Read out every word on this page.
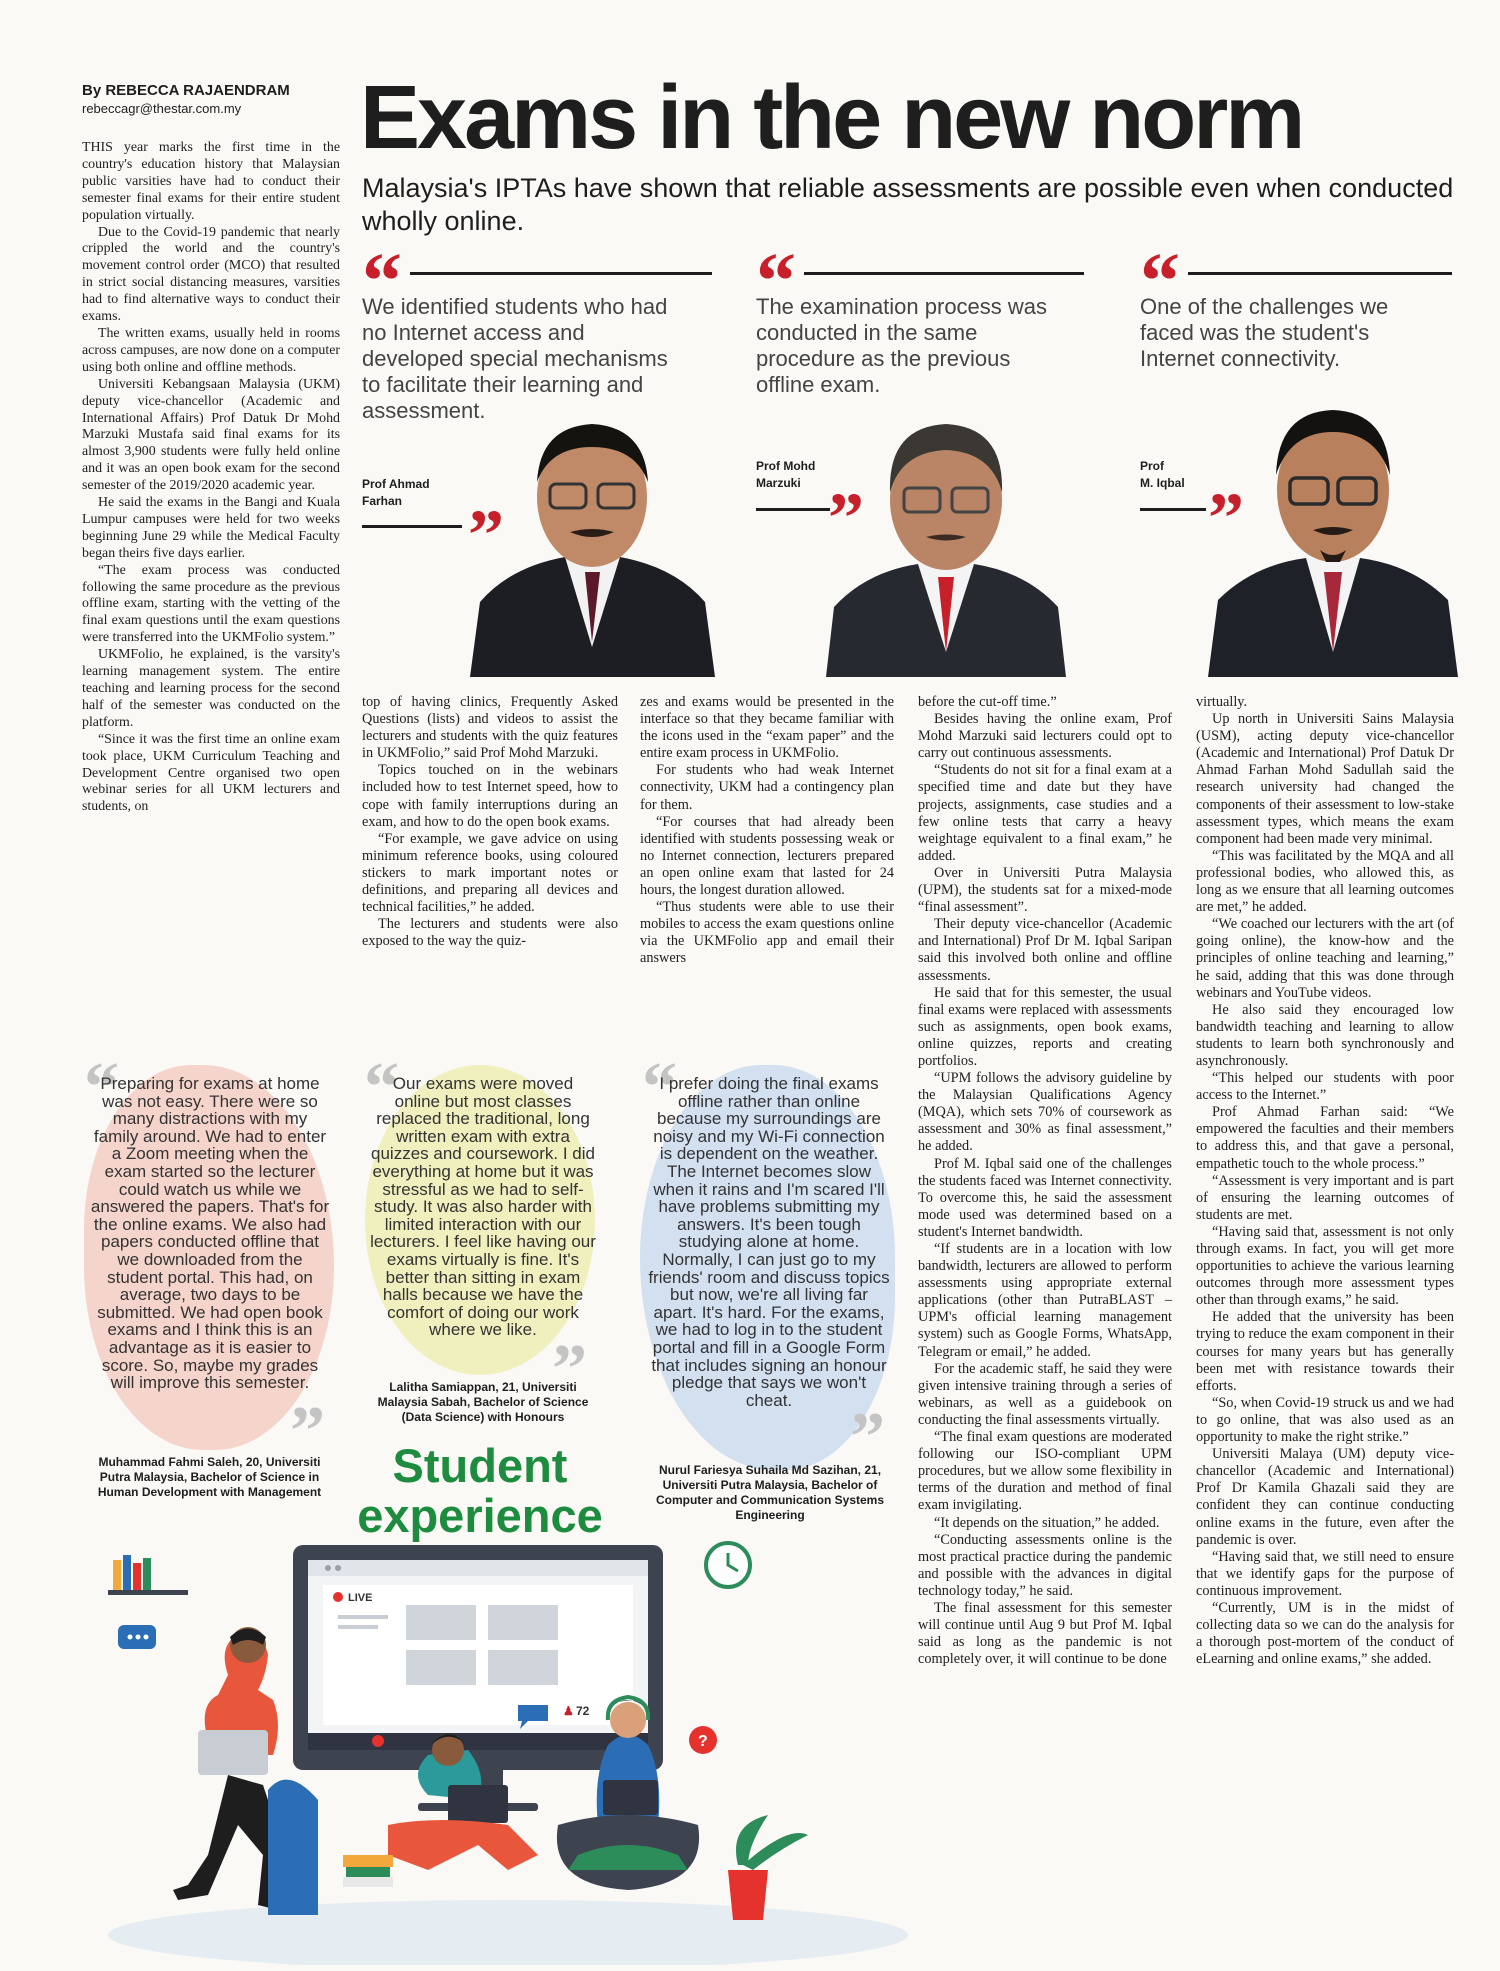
By REBECCA RAJAENDRAM
rebeccagr@thestar.com.my	Exams in the new norm
Malaysia's IPTAs have shown that reliable assessments are possible even when conducted wholly online.

THIS year marks the first time in the country's education history that Malaysian public varsities have had to conduct their semester final exams for their entire student population virtually.

Due to the Covid-19 pandemic that nearly crippled the world and the country's movement control order (MCO) that resulted in strict social distancing measures, varsities had to find alternative ways to conduct their exams.

The written exams, usually held in rooms across campuses, are now done on a computer using both online and offline methods.

Universiti Kebangsaan Malaysia (UKM) deputy vice-chancellor (Academic and International Affairs) Prof Datuk Dr Mohd Marzuki Mustafa said final exams for its almost 3,900 students were fully held online and it was an open book exam for the second semester of the 2019/2020 academic year.

He said the exams in the Bangi and Kuala Lumpur campuses were held for two weeks beginning June 29 while the Medical Faculty began theirs five days earlier.

“The exam process was conducted following the same procedure as the previous offline exam, starting with the vetting of the final exam questions until the exam questions were transferred into the UKMFolio system.”

UKMFolio, he explained, is the varsity's learning management system. The entire teaching and learning process for the second half of the semester was conducted on the platform.

“Since it was the first time an online exam took place, UKM Curriculum Teaching and Development Centre organised two open webinar series for all UKM lecturers and students, on

“
We identified students who had no Internet access and developed special mechanisms to facilitate their learning and assessment.
Prof Ahmad
Farhan ”
“
The examination process was conducted in the same procedure as the previous offline exam.
Prof Mohd
Marzuki ”
“
One of the challenges we faced was the student's Internet connectivity.
Prof
M. Iqbal ”

top of having clinics, Frequently Asked Questions (lists) and videos to assist the lecturers and students with the quiz features in UKMFolio,” said Prof Mohd Marzuki.

Topics touched on in the webinars included how to test Internet speed, how to cope with family interruptions during an exam, and how to do the open book exams.

“For example, we gave advice on using minimum reference books, using coloured stickers to mark important notes or definitions, and preparing all devices and technical facilities,” he added.

The lecturers and students were also exposed to the way the quiz-

zes and exams would be presented in the interface so that they became familiar with the icons used in the “exam paper” and the entire exam process in UKMFolio.

For students who had weak Internet connectivity, UKM had a contingency plan for them.

“For courses that had already been identified with students possessing weak or no Internet connection, lecturers prepared an open online exam that lasted for 24 hours, the longest duration allowed.

“Thus students were able to use their mobiles to access the exam questions online via the UKMFolio app and email their answers

before the cut-off time.”

Besides having the online exam, Prof Mohd Marzuki said lecturers could opt to carry out continuous assessments.

“Students do not sit for a final exam at a specified time and date but they have projects, assignments, case studies and a few online tests that carry a heavy weightage equivalent to a final exam,” he added.

Over in Universiti Putra Malaysia (UPM), the students sat for a mixed-mode “final assessment”.

Their deputy vice-chancellor (Academic and International) Prof Dr M. Iqbal Saripan said this involved both online and offline assessments.

He said that for this semester, the usual final exams were replaced with assessments such as assignments, open book exams, online quizzes, reports and creating portfolios.

“UPM follows the advisory guideline by the Malaysian Qualifications Agency (MQA), which sets 70% of coursework as assessment and 30% as final assessment,” he added.

Prof M. Iqbal said one of the challenges the students faced was Internet connectivity. To overcome this, he said the assessment mode used was determined based on a student's Internet bandwidth.

“If students are in a location with low bandwidth, lecturers are allowed to perform assessments using appropriate external applications (other than PutraBLAST – UPM's official learning management system) such as Google Forms, WhatsApp, Telegram or email,” he added.

For the academic staff, he said they were given intensive training through a series of webinars, as well as a guidebook on conducting the final assessments virtually.

“The final exam questions are moderated following our ISO-compliant UPM procedures, but we allow some flexibility in terms of the duration and method of final exam invigilating.

“It depends on the situation,” he added.

“Conducting assessments online is the most practical practice during the pandemic and possible with the advances in digital technology today,” he said.

The final assessment for this semester will continue until Aug 9 but Prof M. Iqbal said as long as the pandemic is not completely over, it will continue to be done

virtually.

Up north in Universiti Sains Malaysia (USM), acting deputy vice-chancellor (Academic and International) Prof Datuk Dr Ahmad Farhan Mohd Sadullah said the research university had changed the components of their assessment to low-stake assessment types, which means the exam component had been made very minimal.

“This was facilitated by the MQA and all professional bodies, who allowed this, as long as we ensure that all learning outcomes are met,” he added.

“We coached our lecturers with the art (of going online), the know-how and the principles of online teaching and learning,” he said, adding that this was done through webinars and YouTube videos.

He also said they encouraged low bandwidth teaching and learning to allow students to learn both synchronously and asynchronously.

“This helped our students with poor access to the Internet.”

Prof Ahmad Farhan said: “We empowered the faculties and their members to address this, and that gave a personal, empathetic touch to the whole process.”

“Assessment is very important and is part of ensuring the learning outcomes of students are met.

“Having said that, assessment is not only through exams. In fact, you will get more opportunities to achieve the various learning outcomes through more assessment types other than through exams,” he said.

He added that the university has been trying to reduce the exam component in their courses for many years but has generally been met with resistance towards their efforts.

“So, when Covid-19 struck us and we had to go online, that was also used as an opportunity to make the right strike.”

Universiti Malaya (UM) deputy vice-chancellor (Academic and International) Prof Dr Kamila Ghazali said they are confident they can continue conducting online exams in the future, even after the pandemic is over.

“Having said that, we still need to ensure that we identify gaps for the purpose of continuous improvement.

“Currently, UM is in the midst of collecting data so we can do the analysis for a thorough post-mortem of the conduct of eLearning and online exams,” she added.

“	“	“
Preparing for exams at home was not easy. There were so many distractions with my family around. We had to enter a Zoom meeting when the exam started so the lecturer could watch us while we answered the papers. That's for the online exams. We also had papers conducted offline that we downloaded from the student portal. This had, on average, two days to be submitted. We had open book exams and I think this is an advantage as it is easier to score. So, maybe my grades will improve this semester.
Our exams were moved online but most classes replaced the traditional, long written exam with extra quizzes and coursework. I did everything at home but it was stressful as we had to self-study. It was also harder with limited interaction with our lecturers. I feel like having our exams virtually is fine. It's better than sitting in exam halls because we have the comfort of doing our work where we like.
I prefer doing the final exams offline rather than online because my surroundings are noisy and my Wi-Fi connection is dependent on the weather. The Internet becomes slow when it rains and I'm scared I'll have problems submitting my answers. It's been tough studying alone at home. Normally, I can just go to my friends' room and discuss topics but now, we're all living far apart. It's hard. For the exams, we had to log in to the student portal and fill in a Google Form that includes signing an honour pledge that says we won't cheat.
”
”
”
Muhammad Fahmi Saleh, 20, Universiti Putra Malaysia, Bachelor of Science in Human Development with Management
Lalitha Samiappan, 21, Universiti Malaysia Sabah, Bachelor of Science (Data Science) with Honours
Nurul Fariesya Suhaila Md Sazihan, 21, Universiti Putra Malaysia, Bachelor of Computer and Communication Systems Engineering
Student
experience
LIVE
♟ 72
?
